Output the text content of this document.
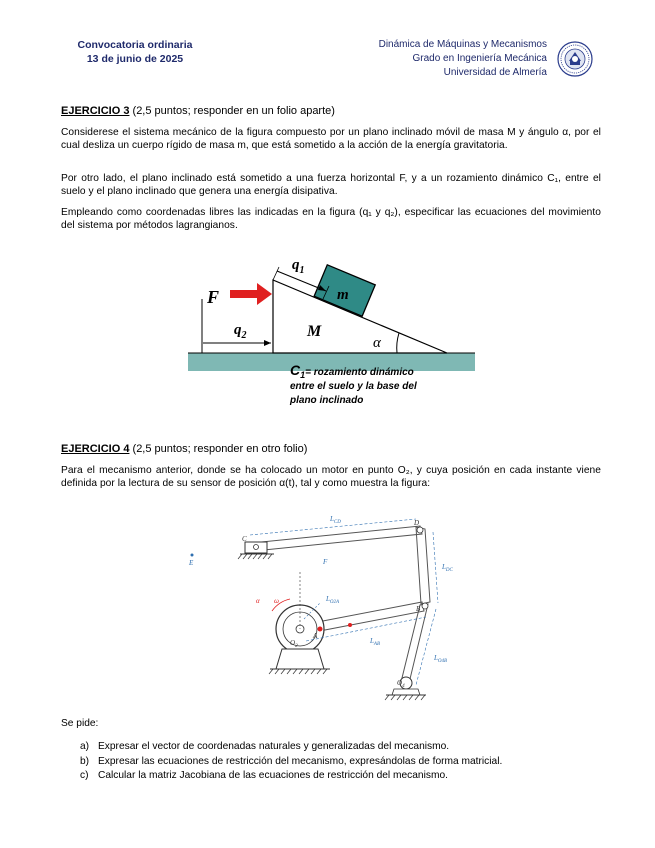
Convocatoria ordinaria
13 de junio de 2025
Dinámica de Máquinas y Mecanismos
Grado en Ingeniería Mecánica
Universidad de Almería
EJERCICIO 3 (2,5 puntos; responder en un folio aparte)
Considerese el sistema mecánico de la figura compuesto por un plano inclinado móvil de masa M y ángulo α, por el cual desliza un cuerpo rígido de masa m, que está sometido a la acción de la energía gravitatoria.
Por otro lado, el plano inclinado está sometido a una fuerza horizontal F, y a un rozamiento dinámico C₁, entre el suelo y el plano inclinado que genera una energía disipativa.
Empleando como coordenadas libres las indicadas en la figura (q₁ y q₂), especificar las ecuaciones del movimiento del sistema por métodos lagrangianos.
F
$q_2$
$q_1$
M
m
α
$C_1^{= rozamiento dinámico}$
entre el suelo y la base del
plano inclinado
EJERCICIO 4 (2,5 puntos; responder en otro folio)
Para el mecanismo anterior, donde se ha colocado un motor en punto O₂, y cuya posición en cada instante viene definida por la lectura de su sensor de posición α(t), tal y como muestra la figura:
$L_{CD}$
$L_{DC}$
$L_{O2A}$
$L_{AB}$
$L_{O4B}$
C
D
B
A
$O_2$
$O_4$
F
E
α ω
Se pide:
a) Expresar el vector de coordenadas naturales y generalizadas del mecanismo.
b) Expresar las ecuaciones de restricción del mecanismo, expresándolas de forma matricial.
c) Calcular la matriz Jacobiana de las ecuaciones de restricción del mecanismo.
